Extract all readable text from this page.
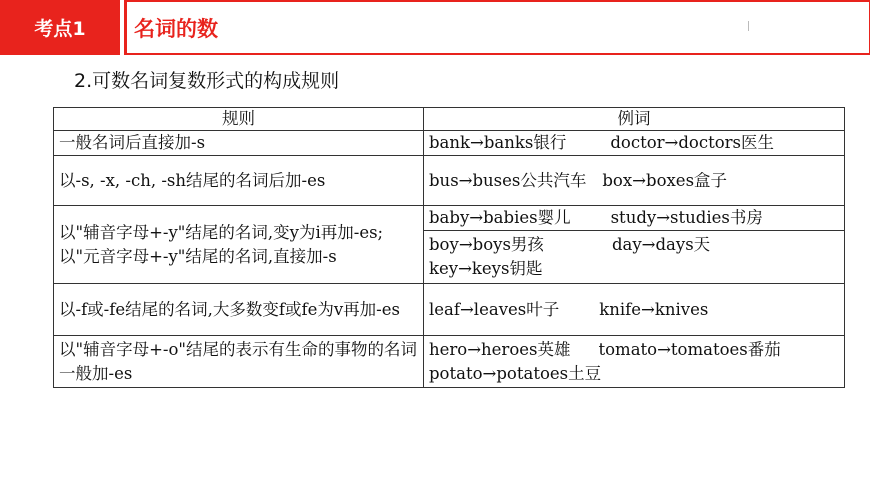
考点1	名词的数
2.可数名词复数形式的构成规则
规则	例词
一般名词后直接加-s	bank→banks银行 doctor→doctors医生
以-s, -x, -ch, -sh结尾的名词后加-es	bus→buses公共汽车 box→boxes盒子
以"辅音字母+-y"结尾的名词,变y为i再加-es;以"元音字母+-y"结尾的名词,直接加-s	baby→babies婴儿 study→studies书房
	boy→boys男孩 day→days天
key→keys钥匙
以-f或-fe结尾的名词,大多数变f或fe为v再加-es	leaf→leaves叶子 knife→knives
以"辅音字母+-o"结尾的表示有生命的事物的名词一般加-es	hero→heroes英雄 tomato→tomatoes番茄
potato→potatoes土豆
